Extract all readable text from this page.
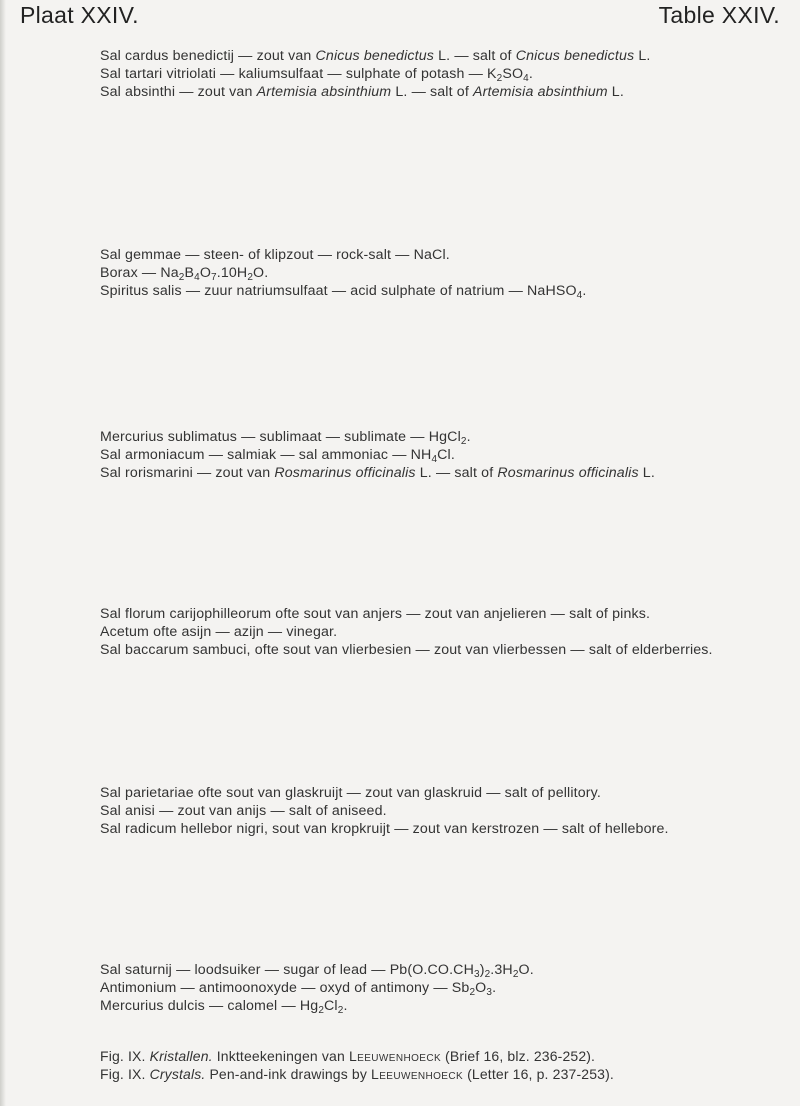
Plaat XXIV.	Table XXIV.
Sal cardus benedictij — zout van Cnicus benedictus L. — salt of Cnicus benedictus L.
Sal tartari vitriolati — kaliumsulfaat — sulphate of potash — $K_2SO_4$.
Sal absinthi — zout van Artemisia absinthium L. — salt of Artemisia absinthium L.
Sal gemmae — steen- of klipzout — rock-salt — NaCl.
Borax — $Na_2B_4O_7.10H_2O$.
Spiritus salis — zuur natriumsulfaat — acid sulphate of natrium — NaHSO$_4$.
Mercurius sublimatus — sublimaat — sublimate — HgCl$_2$.
Sal armoniacum — salmiak — sal ammoniac — $NH_4Cl$.
Sal rorismarini — zout van Rosmarinus officinalis L. — salt of Rosmarinus officinalis L.
Sal florum carijophilleorum ofte sout van anjers — zout van anjelieren — salt of pinks.
Acetum ofte asijn — azijn — vinegar.
Sal baccarum sambuci, ofte sout van vlierbesien — zout van vlierbessen — salt of elderberries.
Sal parietariae ofte sout van glaskruijt — zout van glaskruid — salt of pellitory.
Sal anisi — zout van anijs — salt of aniseed.
Sal radicum hellebor nigri, sout van kropkruijt — zout van kerstrozen — salt of hellebore.
Sal saturnij — loodsuiker — sugar of lead — $Pb(O.CO.CH_3)_2.3H_2O$.
Antimonium — antimoonoxyde — oxyd of antimony — $Sb_2O_3$.
Mercurius dulcis — calomel — $Hg_2Cl_2$.
Fig. IX. Kristallen. Inktteekeningen van Leeuwenhoeck (Brief 16, blz. 236-252).
Fig. IX. Crystals. Pen-and-ink drawings by Leeuwenhoeck (Letter 16, p. 237-253).
